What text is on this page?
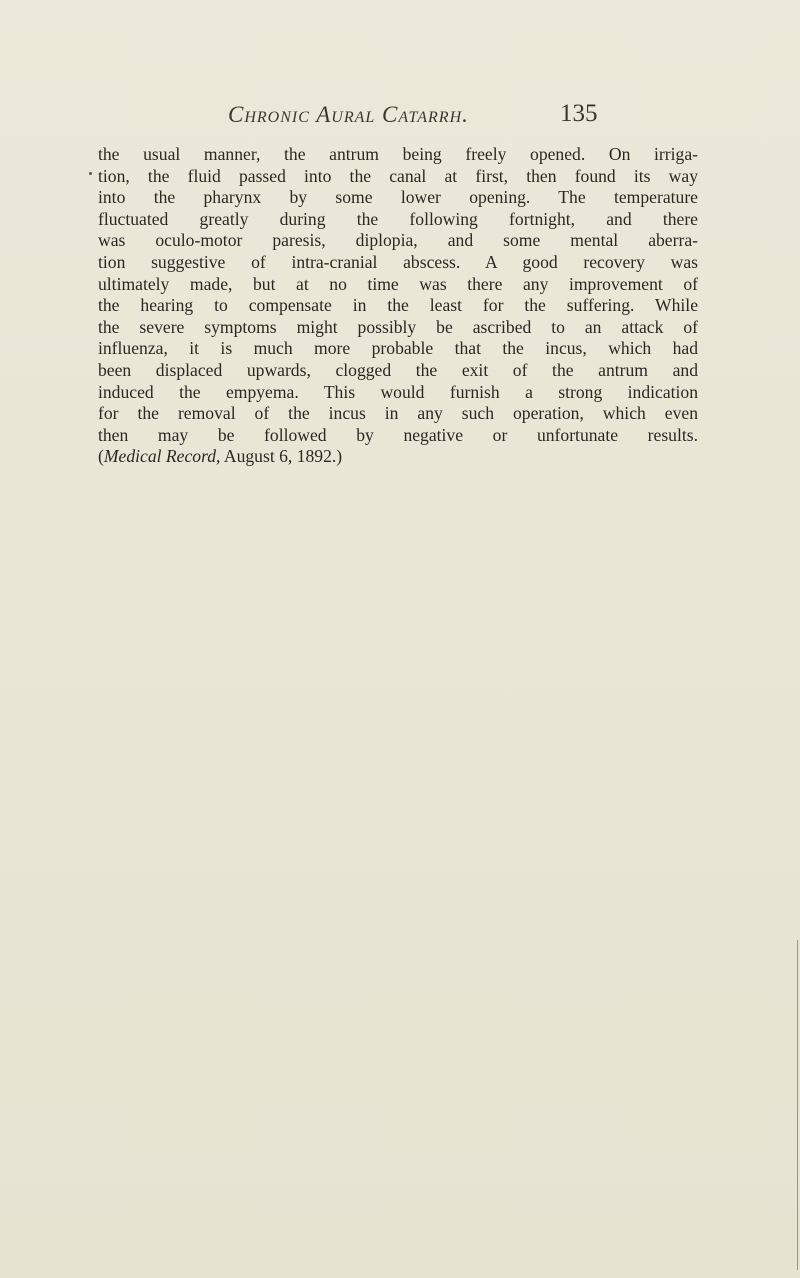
Chronic Aural Catarrh.	135
the usual manner, the antrum being freely opened. On irriga-
tion, the fluid passed into the canal at first, then found its way
into the pharynx by some lower opening. The temperature
fluctuated greatly during the following fortnight, and there
was oculo-motor paresis, diplopia, and some mental aberra-
tion suggestive of intra-cranial abscess. A good recovery was
ultimately made, but at no time was there any improvement of
the hearing to compensate in the least for the suffering. While
the severe symptoms might possibly be ascribed to an attack of
influenza, it is much more probable that the incus, which had
been displaced upwards, clogged the exit of the antrum and
induced the empyema. This would furnish a strong indication
for the removal of the incus in any such operation, which even
then may be followed by negative or unfortunate results.
(Medical Record, August 6, 1892.)
